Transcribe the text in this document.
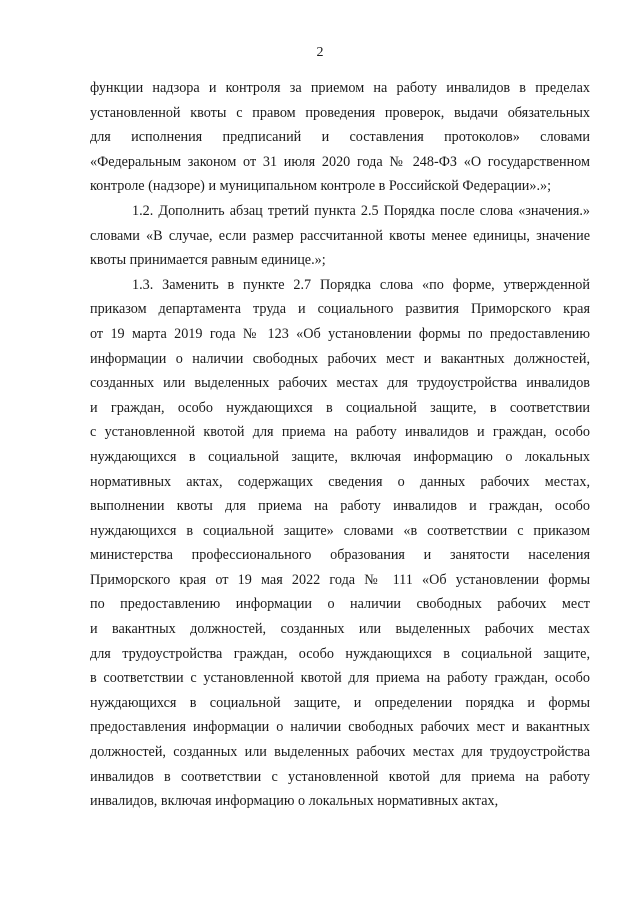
2
функции надзора и контроля за приемом на работу инвалидов в пределах
установленной квоты с правом проведения проверок, выдачи обязательных
для исполнения предписаний и составления протоколов» словами
«Федеральным законом от 31 июля 2020 года № 248-ФЗ «О государственном
контроле (надзоре) и муниципальном контроле в Российской Федерации».»;
1.2. Дополнить абзац третий пункта 2.5 Порядка после слова «значения.»
словами «В случае, если размер рассчитанной квоты менее единицы, значение
квоты принимается равным единице.»;
1.3. Заменить в пункте 2.7 Порядка слова «по форме, утвержденной
приказом департамента труда и социального развития Приморского края
от 19 марта 2019 года № 123 «Об установлении формы по предоставлению
информации о наличии свободных рабочих мест и вакантных должностей,
созданных или выделенных рабочих местах для трудоустройства инвалидов
и граждан, особо нуждающихся в социальной защите, в соответствии
с установленной квотой для приема на работу инвалидов и граждан, особо
нуждающихся в социальной защите, включая информацию о локальных
нормативных актах, содержащих сведения о данных рабочих местах,
выполнении квоты для приема на работу инвалидов и граждан, особо
нуждающихся в социальной защите» словами «в соответствии с приказом
министерства профессионального образования и занятости населения
Приморского края от 19 мая 2022 года № 111 «Об установлении формы
по предоставлению информации о наличии свободных рабочих мест
и вакантных должностей, созданных или выделенных рабочих местах
для трудоустройства граждан, особо нуждающихся в социальной защите,
в соответствии с установленной квотой для приема на работу граждан, особо
нуждающихся в социальной защите, и определении порядка и формы
предоставления информации о наличии свободных рабочих мест и вакантных
должностей, созданных или выделенных рабочих местах для трудоустройства
инвалидов в соответствии с установленной квотой для приема на работу
инвалидов, включая информацию о локальных нормативных актах,
